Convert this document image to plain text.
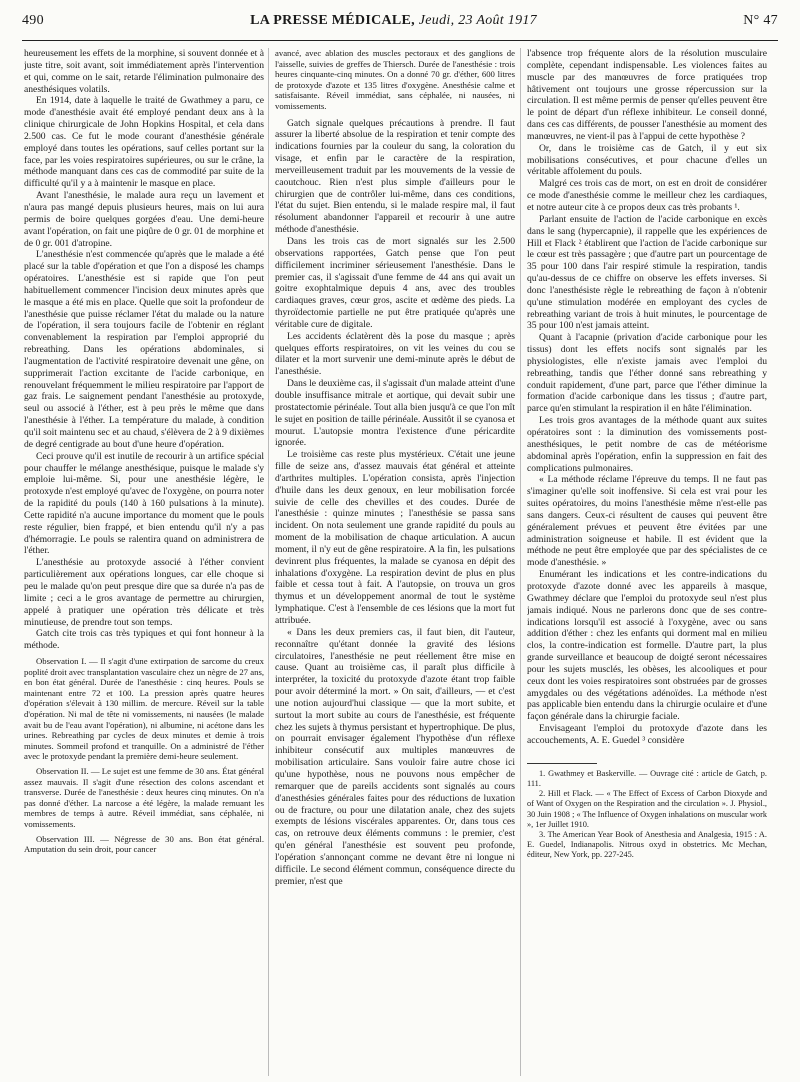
490	LA PRESSE MÉDICALE, Jeudi, 23 Août 1917	N° 47

heureusement les effets de la morphine, si souvent donnée et à juste titre, soit avant, soit immédiatement après l'intervention et qui, comme on le sait, retarde l'élimination pulmonaire des anesthésiques volatils.

En 1914, date à laquelle le traité de Gwathmey a paru, ce mode d'anesthésie avait été employé pendant deux ans à la clinique chirurgicale de John Hopkins Hospital, et cela dans 2.500 cas. Ce fut le mode courant d'anesthésie générale employé dans toutes les opérations, sauf celles portant sur la face, par les voies respiratoires supérieures, ou sur le crâne, la méthode manquant dans ces cas de commodité par suite de la difficulté qu'il y a à maintenir le masque en place.

Avant l'anesthésie, le malade aura reçu un lavement et n'aura pas mangé depuis plusieurs heures, mais on lui aura permis de boire quelques gorgées d'eau. Une demi-heure avant l'opération, on fait une piqûre de 0 gr. 01 de morphine et de 0 gr. 001 d'atropine.

L'anesthésie n'est commencée qu'après que le malade a été placé sur la table d'opération et que l'on a disposé les champs opératoires. L'anesthésie est si rapide que l'on peut habituellement commencer l'incision deux minutes après que le masque a été mis en place. Quelle que soit la profondeur de l'anesthésie que puisse réclamer l'état du malade ou la nature de l'opération, il sera toujours facile de l'obtenir en réglant convenablement la respiration par l'emploi approprié du rebreathing. Dans les opérations abdominales, si l'augmentation de l'activité respiratoire devenait une gêne, on supprimerait l'action excitante de l'acide carbonique, en renouvelant fréquemment le milieu respiratoire par l'apport de gaz frais. Le saignement pendant l'anesthésie au protoxyde, seul ou associé à l'éther, est à peu près le même que dans l'anesthésie à l'éther. La température du malade, à condition qu'il soit maintenu sec et au chaud, s'élèvera de 2 à 9 dixièmes de degré centigrade au bout d'une heure d'opération.

Ceci prouve qu'il est inutile de recourir à un artifice spécial pour chauffer le mélange anesthésique, puisque le malade s'y emploie lui-même. Si, pour une anesthésie légère, le protoxyde n'est employé qu'avec de l'oxygène, on pourra noter de la rapidité du pouls (140 à 160 pulsations à la minute). Cette rapidité n'a aucune importance du moment que le pouls reste régulier, bien frappé, et bien entendu qu'il n'y a pas d'hémorragie. Le pouls se ralentira quand on administrera de l'éther.

L'anesthésie au protoxyde associé à l'éther convient particulièrement aux opérations longues, car elle choque si peu le malade qu'on peut presque dire que sa durée n'a pas de limite ; ceci a le gros avantage de permettre au chirurgien, appelé à pratiquer une opération très délicate et très minutieuse, de prendre tout son temps.

Gatch cite trois cas très typiques et qui font honneur à la méthode.

Observation I. — Il s'agit d'une extirpation de sarcome du creux poplité droit avec transplantation vasculaire chez un nègre de 27 ans, en bon état général. Durée de l'anesthésie : cinq heures. Pouls se maintenant entre 72 et 100. La pression après quatre heures d'opération s'élevait à 130 millim. de mercure. Réveil sur la table d'opération. Ni mal de tête ni vomissements, ni nausées (le malade avait bu de l'eau avant l'opération), ni albumine, ni acétone dans les urines. Rebreathing par cycles de deux minutes et demie à trois minutes. Sommeil profond et tranquille. On a administré de l'éther avec le protoxyde pendant la première demi-heure seulement.

Observation II. — Le sujet est une femme de 30 ans. État général assez mauvais. Il s'agit d'une résection des colons ascendant et transverse. Durée de l'anesthésie : deux heures cinq minutes. On n'a pas donné d'éther. La narcose a été légère, la malade remuant les membres de temps à autre. Réveil immédiat, sans céphalée, ni vomissements.

Observation III. — Négresse de 30 ans. Bon état général. Amputation du sein droit, pour cancer

avancé, avec ablation des muscles pectoraux et des ganglions de l'aisselle, suivies de greffes de Thiersch. Durée de l'anesthésie : trois heures cinquante-cinq minutes. On a donné 70 gr. d'éther, 600 litres de protoxyde d'azote et 135 litres d'oxygène. Anesthésie calme et satisfaisante. Réveil immédiat, sans céphalée, ni nausées, ni vomissements.

Gatch signale quelques précautions à prendre. Il faut assurer la liberté absolue de la respiration et tenir compte des indications fournies par la couleur du sang, la coloration du visage, et enfin par le caractère de la respiration, merveilleusement traduit par les mouvements de la vessie de caoutchouc. Rien n'est plus simple d'ailleurs pour le chirurgien que de contrôler lui-même, dans ces conditions, l'état du sujet. Bien entendu, si le malade respire mal, il faut résolument abandonner l'appareil et recourir à une autre méthode d'anesthésie.

Dans les trois cas de mort signalés sur les 2.500 observations rapportées, Gatch pense que l'on peut difficilement incriminer sérieusement l'anesthésie. Dans le premier cas, il s'agissait d'une femme de 44 ans qui avait un goitre exophtalmique depuis 4 ans, avec des troubles cardiaques graves, cœur gros, ascite et œdème des pieds. La thyroïdectomie partielle ne put être pratiquée qu'après une véritable cure de digitale.

Les accidents éclatèrent dès la pose du masque ; après quelques efforts respiratoires, on vit les veines du cou se dilater et la mort survenir une demi-minute après le début de l'anesthésie.

Dans le deuxième cas, il s'agissait d'un malade atteint d'une double insuffisance mitrale et aortique, qui devait subir une prostatectomie périnéale. Tout alla bien jusqu'à ce que l'on mît le sujet en position de taille périnéale. Aussitôt il se cyanosa et mourut. L'autopsie montra l'existence d'une péricardite ignorée.

Le troisième cas reste plus mystérieux. C'était une jeune fille de seize ans, d'assez mauvais état général et atteinte d'arthrites multiples. L'opération consista, après l'injection d'huile dans les deux genoux, en leur mobilisation forcée suivie de celle des chevilles et des coudes. Durée de l'anesthésie : quinze minutes ; l'anesthésie se passa sans incident. On nota seulement une grande rapidité du pouls au moment de la mobilisation de chaque articulation. A aucun moment, il n'y eut de gêne respiratoire. A la fin, les pulsations devinrent plus fréquentes, la malade se cyanosa en dépit des inhalations d'oxygène. La respiration devint de plus en plus faible et cessa tout à fait. A l'autopsie, on trouva un gros thymus et un développement anormal de tout le système lymphatique. C'est à l'ensemble de ces lésions que la mort fut attribuée.

« Dans les deux premiers cas, il faut bien, dit l'auteur, reconnaître qu'étant donnée la gravité des lésions circulatoires, l'anesthésie ne peut réellement être mise en cause. Quant au troisième cas, il paraît plus difficile à interpréter, la toxicité du protoxyde d'azote étant trop faible pour avoir déterminé la mort. » On sait, d'ailleurs, — et c'est une notion aujourd'hui classique — que la mort subite, et surtout la mort subite au cours de l'anesthésie, est fréquente chez les sujets à thymus persistant et hypertrophique. De plus, on pourrait envisager également l'hypothèse d'un réflexe inhibiteur consécutif aux multiples manœuvres de mobilisation articulaire. Sans vouloir faire autre chose ici qu'une hypothèse, nous ne pouvons nous empêcher de remarquer que de pareils accidents sont signalés au cours d'anesthésies générales faites pour des réductions de luxation ou de fracture, ou pour une dilatation anale, chez des sujets exempts de lésions viscérales apparentes. Or, dans tous ces cas, on retrouve deux éléments communs : le premier, c'est qu'en général l'anesthésie est souvent peu profonde, l'opération s'annonçant comme ne devant être ni longue ni difficile. Le second élément commun, conséquence directe du premier, n'est que

l'absence trop fréquente alors de la résolution musculaire complète, cependant indispensable. Les violences faites au muscle par des manœuvres de force pratiquées trop hâtivement ont toujours une grosse répercussion sur la circulation. Il est même permis de penser qu'elles peuvent être le point de départ d'un réflexe inhibiteur. Le conseil donné, dans ces cas différents, de pousser l'anesthésie au moment des manœuvres, ne vient-il pas à l'appui de cette hypothèse ?

Or, dans le troisième cas de Gatch, il y eut six mobilisations consécutives, et pour chacune d'elles un véritable affolement du pouls.

Malgré ces trois cas de mort, on est en droit de considérer ce mode d'anesthésie comme le meilleur chez les cardiaques, et notre auteur cite à ce propos deux cas très probants ¹.

Parlant ensuite de l'action de l'acide carbonique en excès dans le sang (hypercapnie), il rappelle que les expériences de Hill et Flack ² établirent que l'action de l'acide carbonique sur le cœur est très passagère ; que d'autre part un pourcentage de 35 pour 100 dans l'air respiré stimule la respiration, tandis qu'au-dessus de ce chiffre on observe les effets inverses. Si donc l'anesthésiste règle le rebreathing de façon à n'obtenir qu'une stimulation modérée en employant des cycles de rebreathing variant de trois à huit minutes, le pourcentage de 35 pour 100 n'est jamais atteint.

Quant à l'acapnie (privation d'acide carbonique pour les tissus) dont les effets nocifs sont signalés par les physiologistes, elle n'existe jamais avec l'emploi du rebreathing, tandis que l'éther donné sans rebreathing y conduit rapidement, d'une part, parce que l'éther diminue la formation d'acide carbonique dans les tissus ; d'autre part, parce qu'en stimulant la respiration il en hâte l'élimination.

Les trois gros avantages de la méthode quant aux suites opératoires sont : la diminution des vomissements post-anesthésiques, le petit nombre de cas de météorisme abdominal après l'opération, enfin la suppression en fait des complications pulmonaires.

« La méthode réclame l'épreuve du temps. Il ne faut pas s'imaginer qu'elle soit inoffensive. Si cela est vrai pour les suites opératoires, du moins l'anesthésie même n'est-elle pas sans dangers. Ceux-ci résultent de causes qui peuvent être généralement prévues et peuvent être évitées par une administration soigneuse et habile. Il est évident que la méthode ne peut être employée que par des spécialistes de ce mode d'anesthésie. »

Enumérant les indications et les contre-indications du protoxyde d'azote donné avec les appareils à masque, Gwathmey déclare que l'emploi du protoxyde seul n'est plus jamais indiqué. Nous ne parlerons donc que de ses contre-indications lorsqu'il est associé à l'oxygène, avec ou sans addition d'éther : chez les enfants qui dorment mal en milieu clos, la contre-indication est formelle. D'autre part, la plus grande surveillance et beaucoup de doigté seront nécessaires pour les sujets musclés, les obèses, les alcooliques et pour ceux dont les voies respiratoires sont obstruées par de grosses amygdales ou des végétations adénoïdes. La méthode n'est pas applicable bien entendu dans la chirurgie oculaire et d'une façon générale dans la chirurgie faciale.

Envisageant l'emploi du protoxyde d'azote dans les accouchements, A. E. Guedel ³ considère

1. Gwathmey et Baskerville. — Ouvrage cité : article de Gatch, p. 111.

2. Hill et Flack. — « The Effect of Excess of Carbon Dioxyde and of Want of Oxygen on the Respiration and the circulation ». J. Physiol., 30 Juin 1908 ; « The Influence of Oxygen inhalations on muscular work », 1er Juillet 1910.

3. The American Year Book of Anesthesia and Analgesia, 1915 : A. E. Guedel, Indianapolis. Nitrous oxyd in obstetrics. Mc Mechan, éditeur, New York, pp. 227-245.
